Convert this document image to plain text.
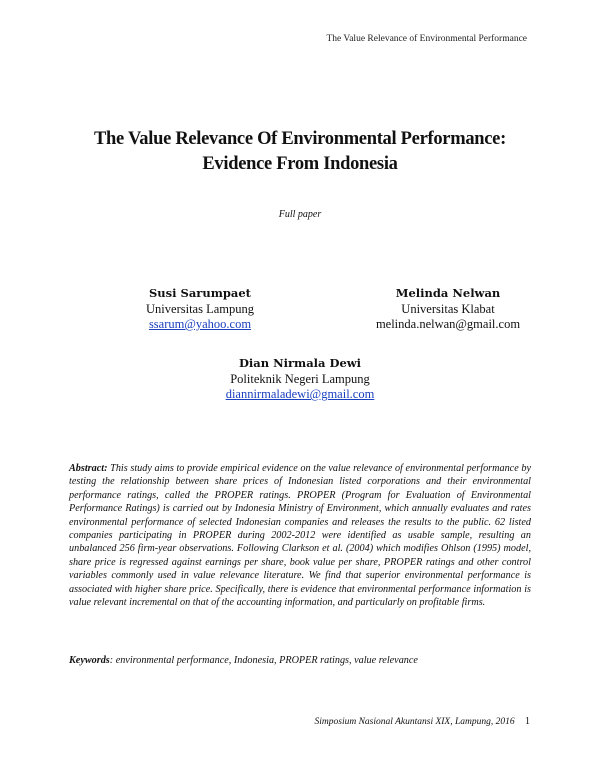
The Value Relevance of Environmental Performance
The Value Relevance Of Environmental Performance:
Evidence From Indonesia
Full paper
Susi Sarumpaet
Universitas Lampung
ssarum@yahoo.com
Melinda Nelwan
Universitas Klabat
melinda.nelwan@gmail.com
Dian Nirmala Dewi
Politeknik Negeri Lampung
diannirmaladewi@gmail.com
Abstract: This study aims to provide empirical evidence on the value relevance of environmental performance by testing the relationship between share prices of Indonesian listed corporations and their environmental performance ratings, called the PROPER ratings. PROPER (Program for Evaluation of Environmental Performance Ratings) is carried out by Indonesia Ministry of Environment, which annually evaluates and rates environmental performance of selected Indonesian companies and releases the results to the public. 62 listed companies participating in PROPER during 2002-2012 were identified as usable sample, resulting an unbalanced 256 firm-year observations. Following Clarkson et al. (2004) which modifies Ohlson (1995) model, share price is regressed against earnings per share, book value per share, PROPER ratings and other control variables commonly used in value relevance literature. We find that superior environmental performance is associated with higher share price. Specifically, there is evidence that environmental performance information is value relevant incremental on that of the accounting information, and particularly on profitable firms.
Keywords: environmental performance, Indonesia, PROPER ratings, value relevance
Simposium Nasional Akuntansi XIX, Lampung, 2016 1
